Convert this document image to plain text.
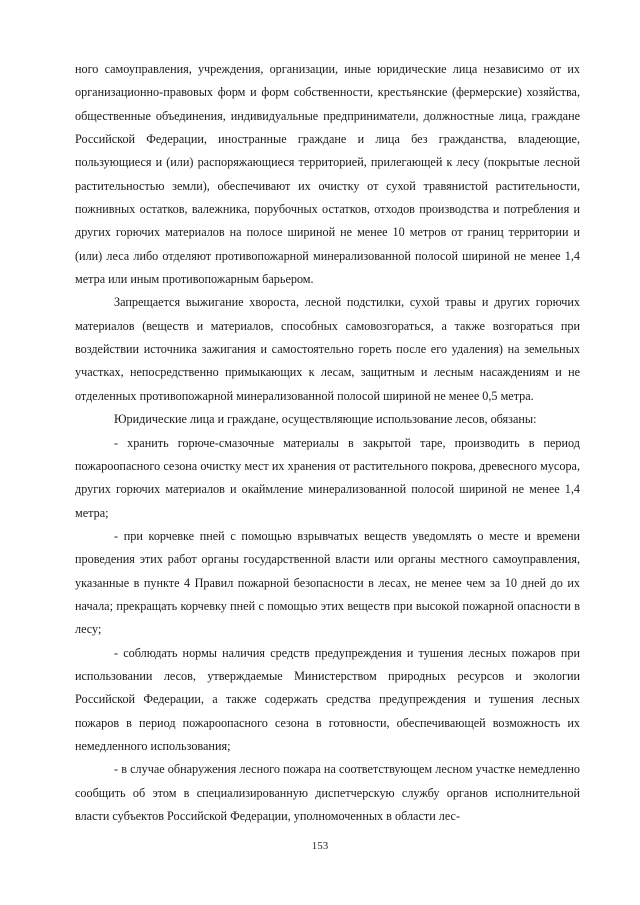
ного самоуправления, учреждения, организации, иные юридические лица независимо от их организационно-правовых форм и форм собственности, крестьянские (фермерские) хозяйства, общественные объединения, индивидуальные предприниматели, должностные лица, граждане Российской Федерации, иностранные граждане и лица без гражданства, владеющие, пользующиеся и (или) распоряжающиеся территорией, прилегающей к лесу (покрытые лесной растительностью земли), обеспечивают их очистку от сухой травянистой растительности, пожнивных остатков, валежника, порубочных остатков, отходов производства и потребления и других горючих материалов на полосе шириной не менее 10 метров от границ территории и (или) леса либо отделяют противопожарной минерализованной полосой шириной не менее 1,4 метра или иным противопожарным барьером.

Запрещается выжигание хвороста, лесной подстилки, сухой травы и других горючих материалов (веществ и материалов, способных самовозгораться, а также возгораться при воздействии источника зажигания и самостоятельно гореть после его удаления) на земельных участках, непосредственно примыкающих к лесам, защитным и лесным насаждениям и не отделенных противопожарной минерализованной полосой шириной не менее 0,5 метра.

Юридические лица и граждане, осуществляющие использование лесов, обязаны:

- хранить горюче-смазочные материалы в закрытой таре, производить в период пожароопасного сезона очистку мест их хранения от растительного покрова, древесного мусора, других горючих материалов и окаймление минерализованной полосой шириной не менее 1,4 метра;

- при корчевке пней с помощью взрывчатых веществ уведомлять о месте и времени проведения этих работ органы государственной власти или органы местного самоуправления, указанные в пункте 4 Правил пожарной безопасности в лесах, не менее чем за 10 дней до их начала; прекращать корчевку пней с помощью этих веществ при высокой пожарной опасности в лесу;

- соблюдать нормы наличия средств предупреждения и тушения лесных пожаров при использовании лесов, утверждаемые Министерством природных ресурсов и экологии Российской Федерации, а также содержать средства предупреждения и тушения лесных пожаров в период пожароопасного сезона в готовности, обеспечивающей возможность их немедленного использования;

- в случае обнаружения лесного пожара на соответствующем лесном участке немедленно сообщить об этом в специализированную диспетчерскую службу органов исполнительной власти субъектов Российской Федерации, уполномоченных в области лес-

153
